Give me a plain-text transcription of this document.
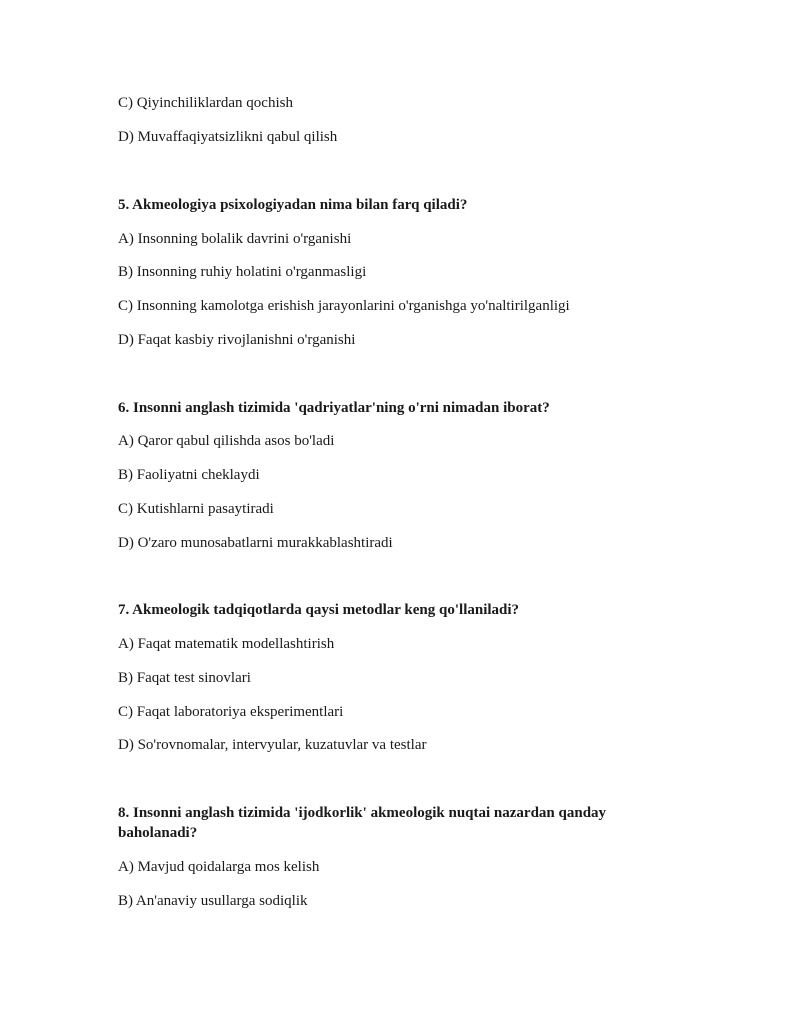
C) Qiyinchiliklardan qochish
D) Muvaffaqiyatsizlikni qabul qilish
5. Akmeologiya psixologiyadan nima bilan farq qiladi?
A) Insonning bolalik davrini o'rganishi
B) Insonning ruhiy holatini o'rganmasligi
C) Insonning kamolotga erishish jarayonlarini o'rganishga yo'naltirilganligi
D) Faqat kasbiy rivojlanishni o'rganishi
6. Insonni anglash tizimida 'qadriyatlar'ning o'rni nimadan iborat?
A) Qaror qabul qilishda asos bo'ladi
B) Faoliyatni cheklaydi
C) Kutishlarni pasaytiradi
D) O'zaro munosabatlarni murakkablashtiradi
7. Akmeologik tadqiqotlarda qaysi metodlar keng qo'llaniladi?
A) Faqat matematik modellashtirish
B) Faqat test sinovlari
C) Faqat laboratoriya eksperimentlari
D) So'rovnomalar, intervyular, kuzatuvlar va testlar
8. Insonni anglash tizimida 'ijodkorlik' akmeologik nuqtai nazardan qanday baholanadi?
A) Mavjud qoidalarga mos kelish
B) An'anaviy usullarga sodiqlik
